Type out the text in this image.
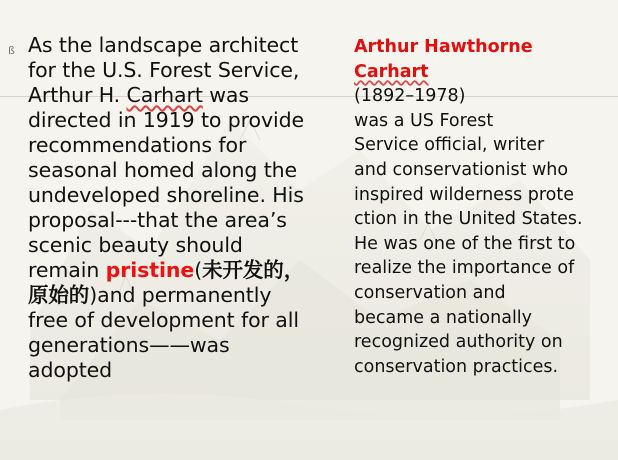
ß As the landscape architect
for the U.S. Forest Service,
Arthur H. Carhart was
directed in 1919 to provide
recommendations for
seasonal homed along the
undeveloped shoreline. His
proposal---that the area’s
scenic beauty should
remain pristine(未开发的，
原始的)and permanently
free of development for all
generations——was
adopted
Arthur Hawthorne
Carhart
(1892–1978)
was a US Forest
Service official, writer
and conservationist who
inspired wilderness prote
ction in the United States.
He was one of the first to
realize the importance of
conservation and
became a nationally
recognized authority on
conservation practices.
